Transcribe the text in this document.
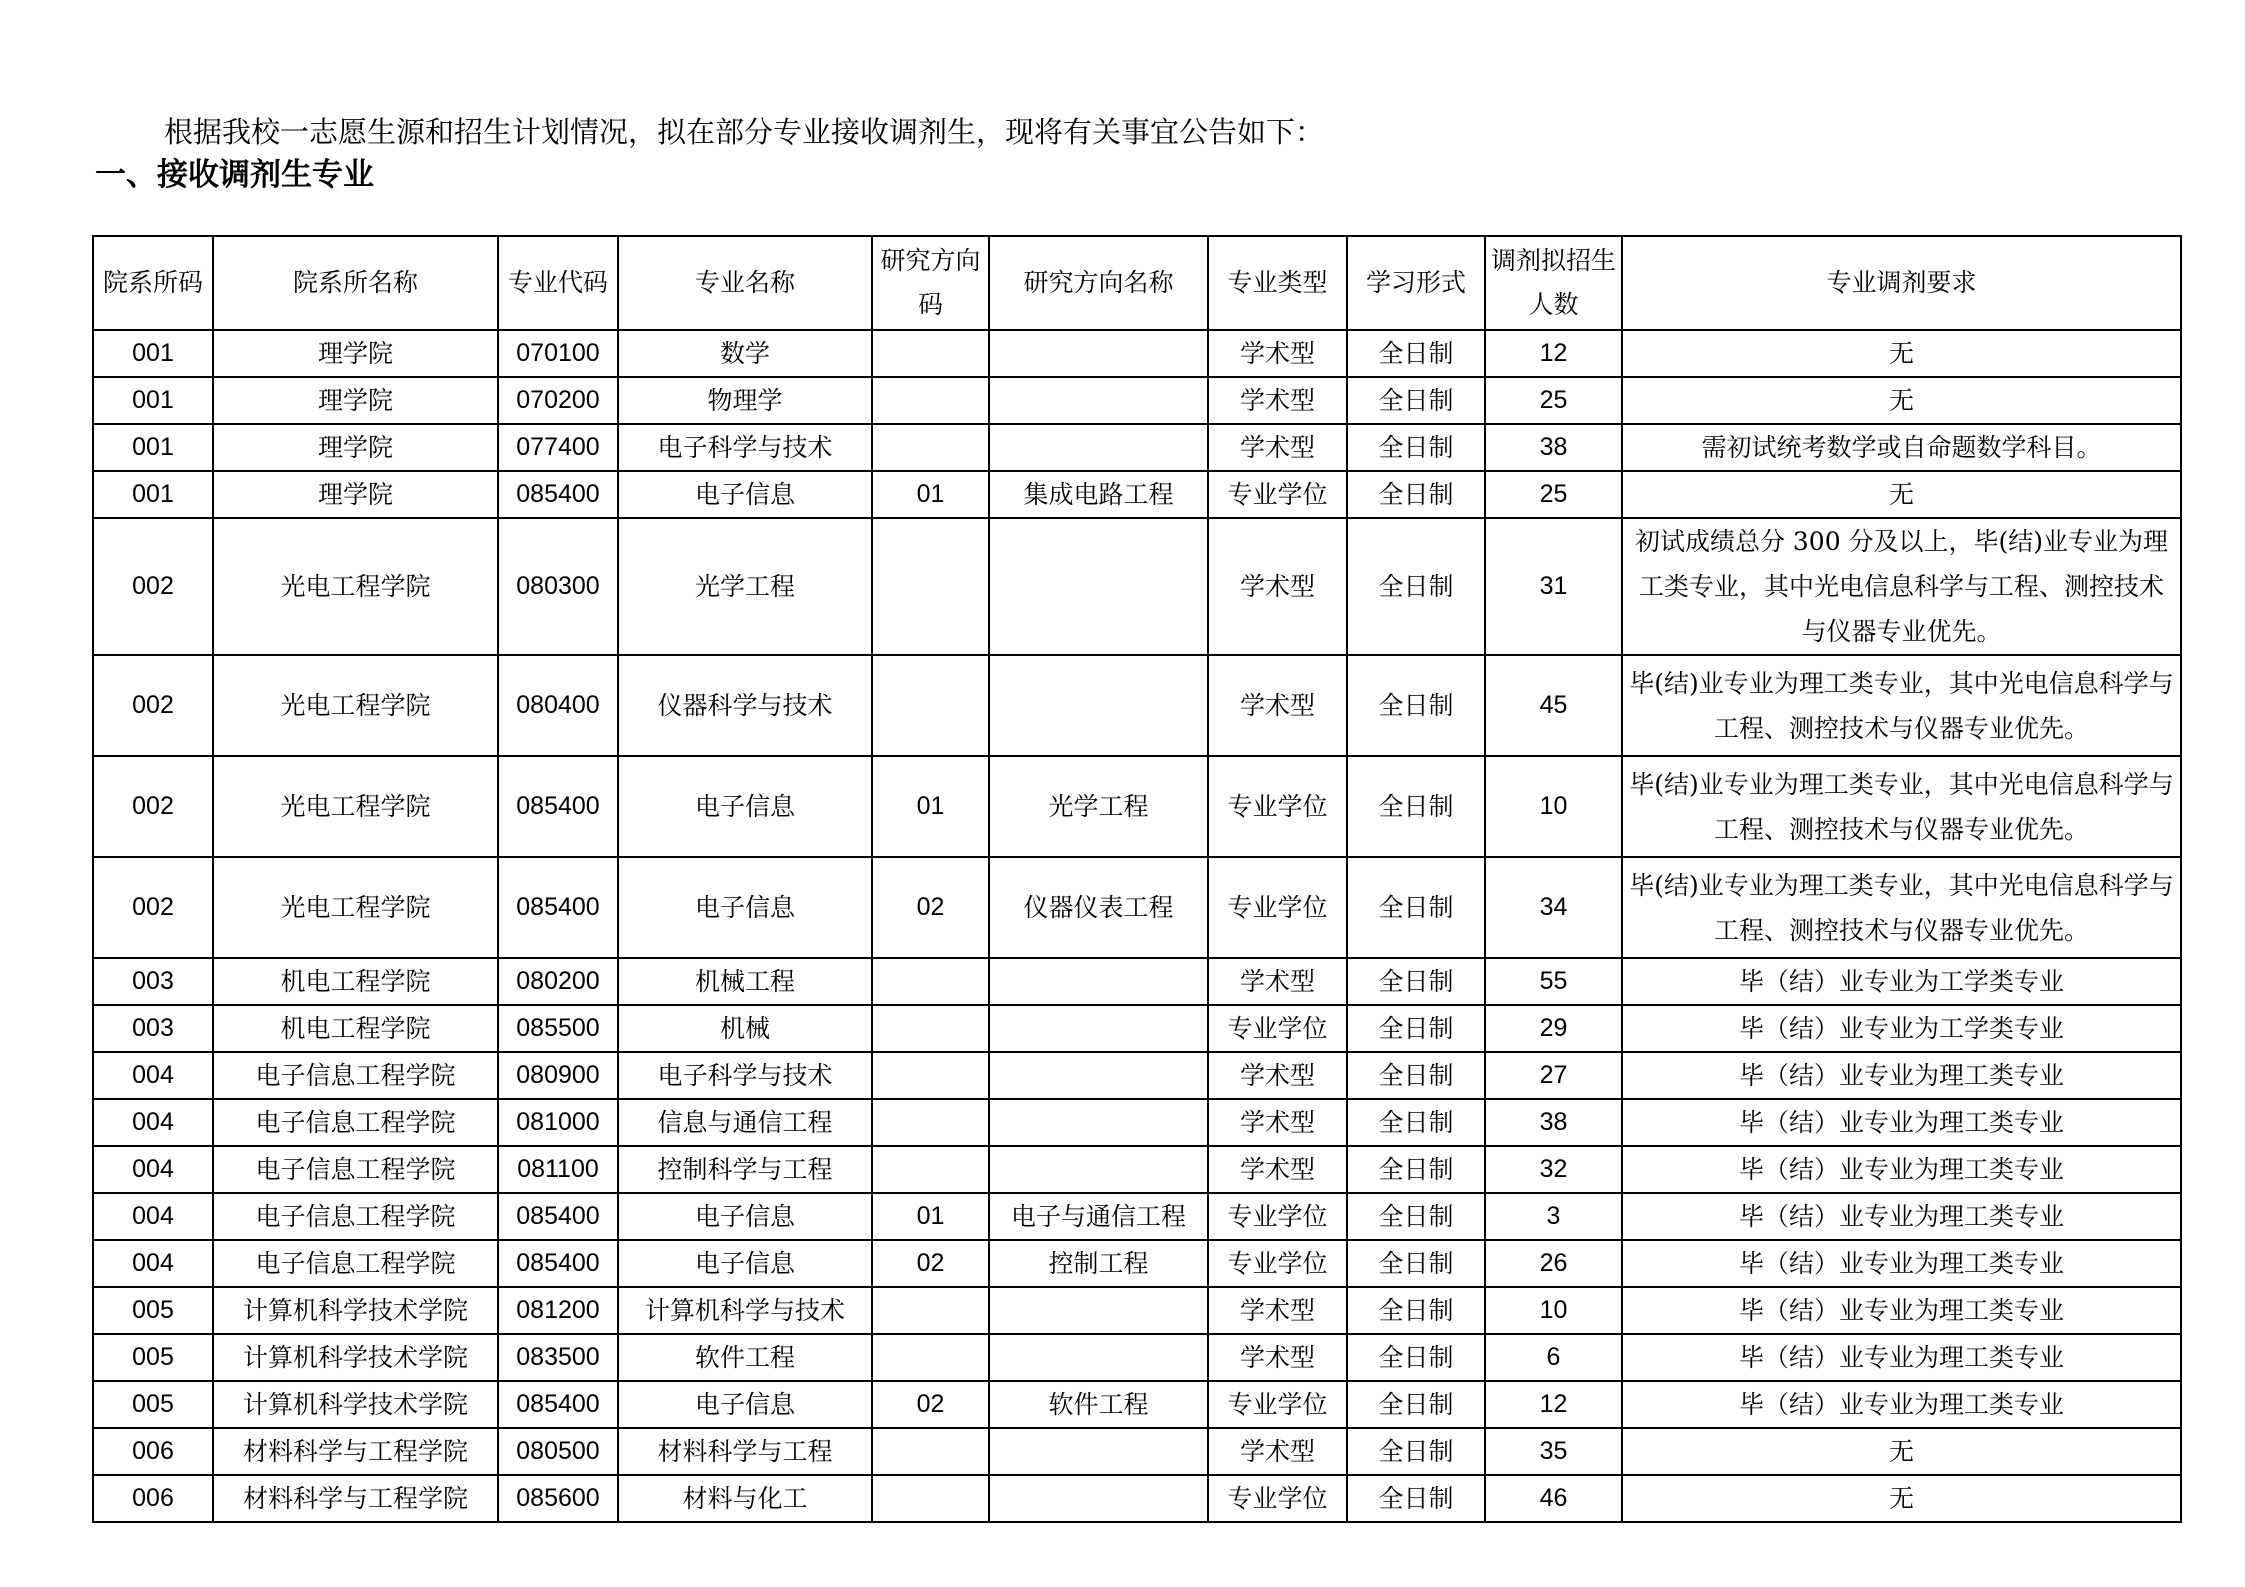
根据我校一志愿生源和招生计划情况，拟在部分专业接收调剂生，现将有关事宜公告如下：
一、接收调剂生专业
院系所码	院系所名称	专业代码	专业名称	研究方向码	研究方向名称	专业类型	学习形式	调剂拟招生人数	专业调剂要求
001	理学院	070100	数学			学术型	全日制	12	无
001	理学院	070200	物理学			学术型	全日制	25	无
001	理学院	077400	电子科学与技术			学术型	全日制	38	需初试统考数学或自命题数学科目。
001	理学院	085400	电子信息	01	集成电路工程	专业学位	全日制	25	无
002	光电工程学院	080300	光学工程			学术型	全日制	31	初试成绩总分 300 分及以上，毕(结)业专业为理工类专业，其中光电信息科学与工程、测控技术与仪器专业优先。
002	光电工程学院	080400	仪器科学与技术			学术型	全日制	45	毕(结)业专业为理工类专业，其中光电信息科学与工程、测控技术与仪器专业优先。
002	光电工程学院	085400	电子信息	01	光学工程	专业学位	全日制	10	毕(结)业专业为理工类专业，其中光电信息科学与工程、测控技术与仪器专业优先。
002	光电工程学院	085400	电子信息	02	仪器仪表工程	专业学位	全日制	34	毕(结)业专业为理工类专业，其中光电信息科学与工程、测控技术与仪器专业优先。
003	机电工程学院	080200	机械工程			学术型	全日制	55	毕（结）业专业为工学类专业
003	机电工程学院	085500	机械			专业学位	全日制	29	毕（结）业专业为工学类专业
004	电子信息工程学院	080900	电子科学与技术			学术型	全日制	27	毕（结）业专业为理工类专业
004	电子信息工程学院	081000	信息与通信工程			学术型	全日制	38	毕（结）业专业为理工类专业
004	电子信息工程学院	081100	控制科学与工程			学术型	全日制	32	毕（结）业专业为理工类专业
004	电子信息工程学院	085400	电子信息	01	电子与通信工程	专业学位	全日制	3	毕（结）业专业为理工类专业
004	电子信息工程学院	085400	电子信息	02	控制工程	专业学位	全日制	26	毕（结）业专业为理工类专业
005	计算机科学技术学院	081200	计算机科学与技术			学术型	全日制	10	毕（结）业专业为理工类专业
005	计算机科学技术学院	083500	软件工程			学术型	全日制	6	毕（结）业专业为理工类专业
005	计算机科学技术学院	085400	电子信息	02	软件工程	专业学位	全日制	12	毕（结）业专业为理工类专业
006	材料科学与工程学院	080500	材料科学与工程			学术型	全日制	35	无
006	材料科学与工程学院	085600	材料与化工			专业学位	全日制	46	无
